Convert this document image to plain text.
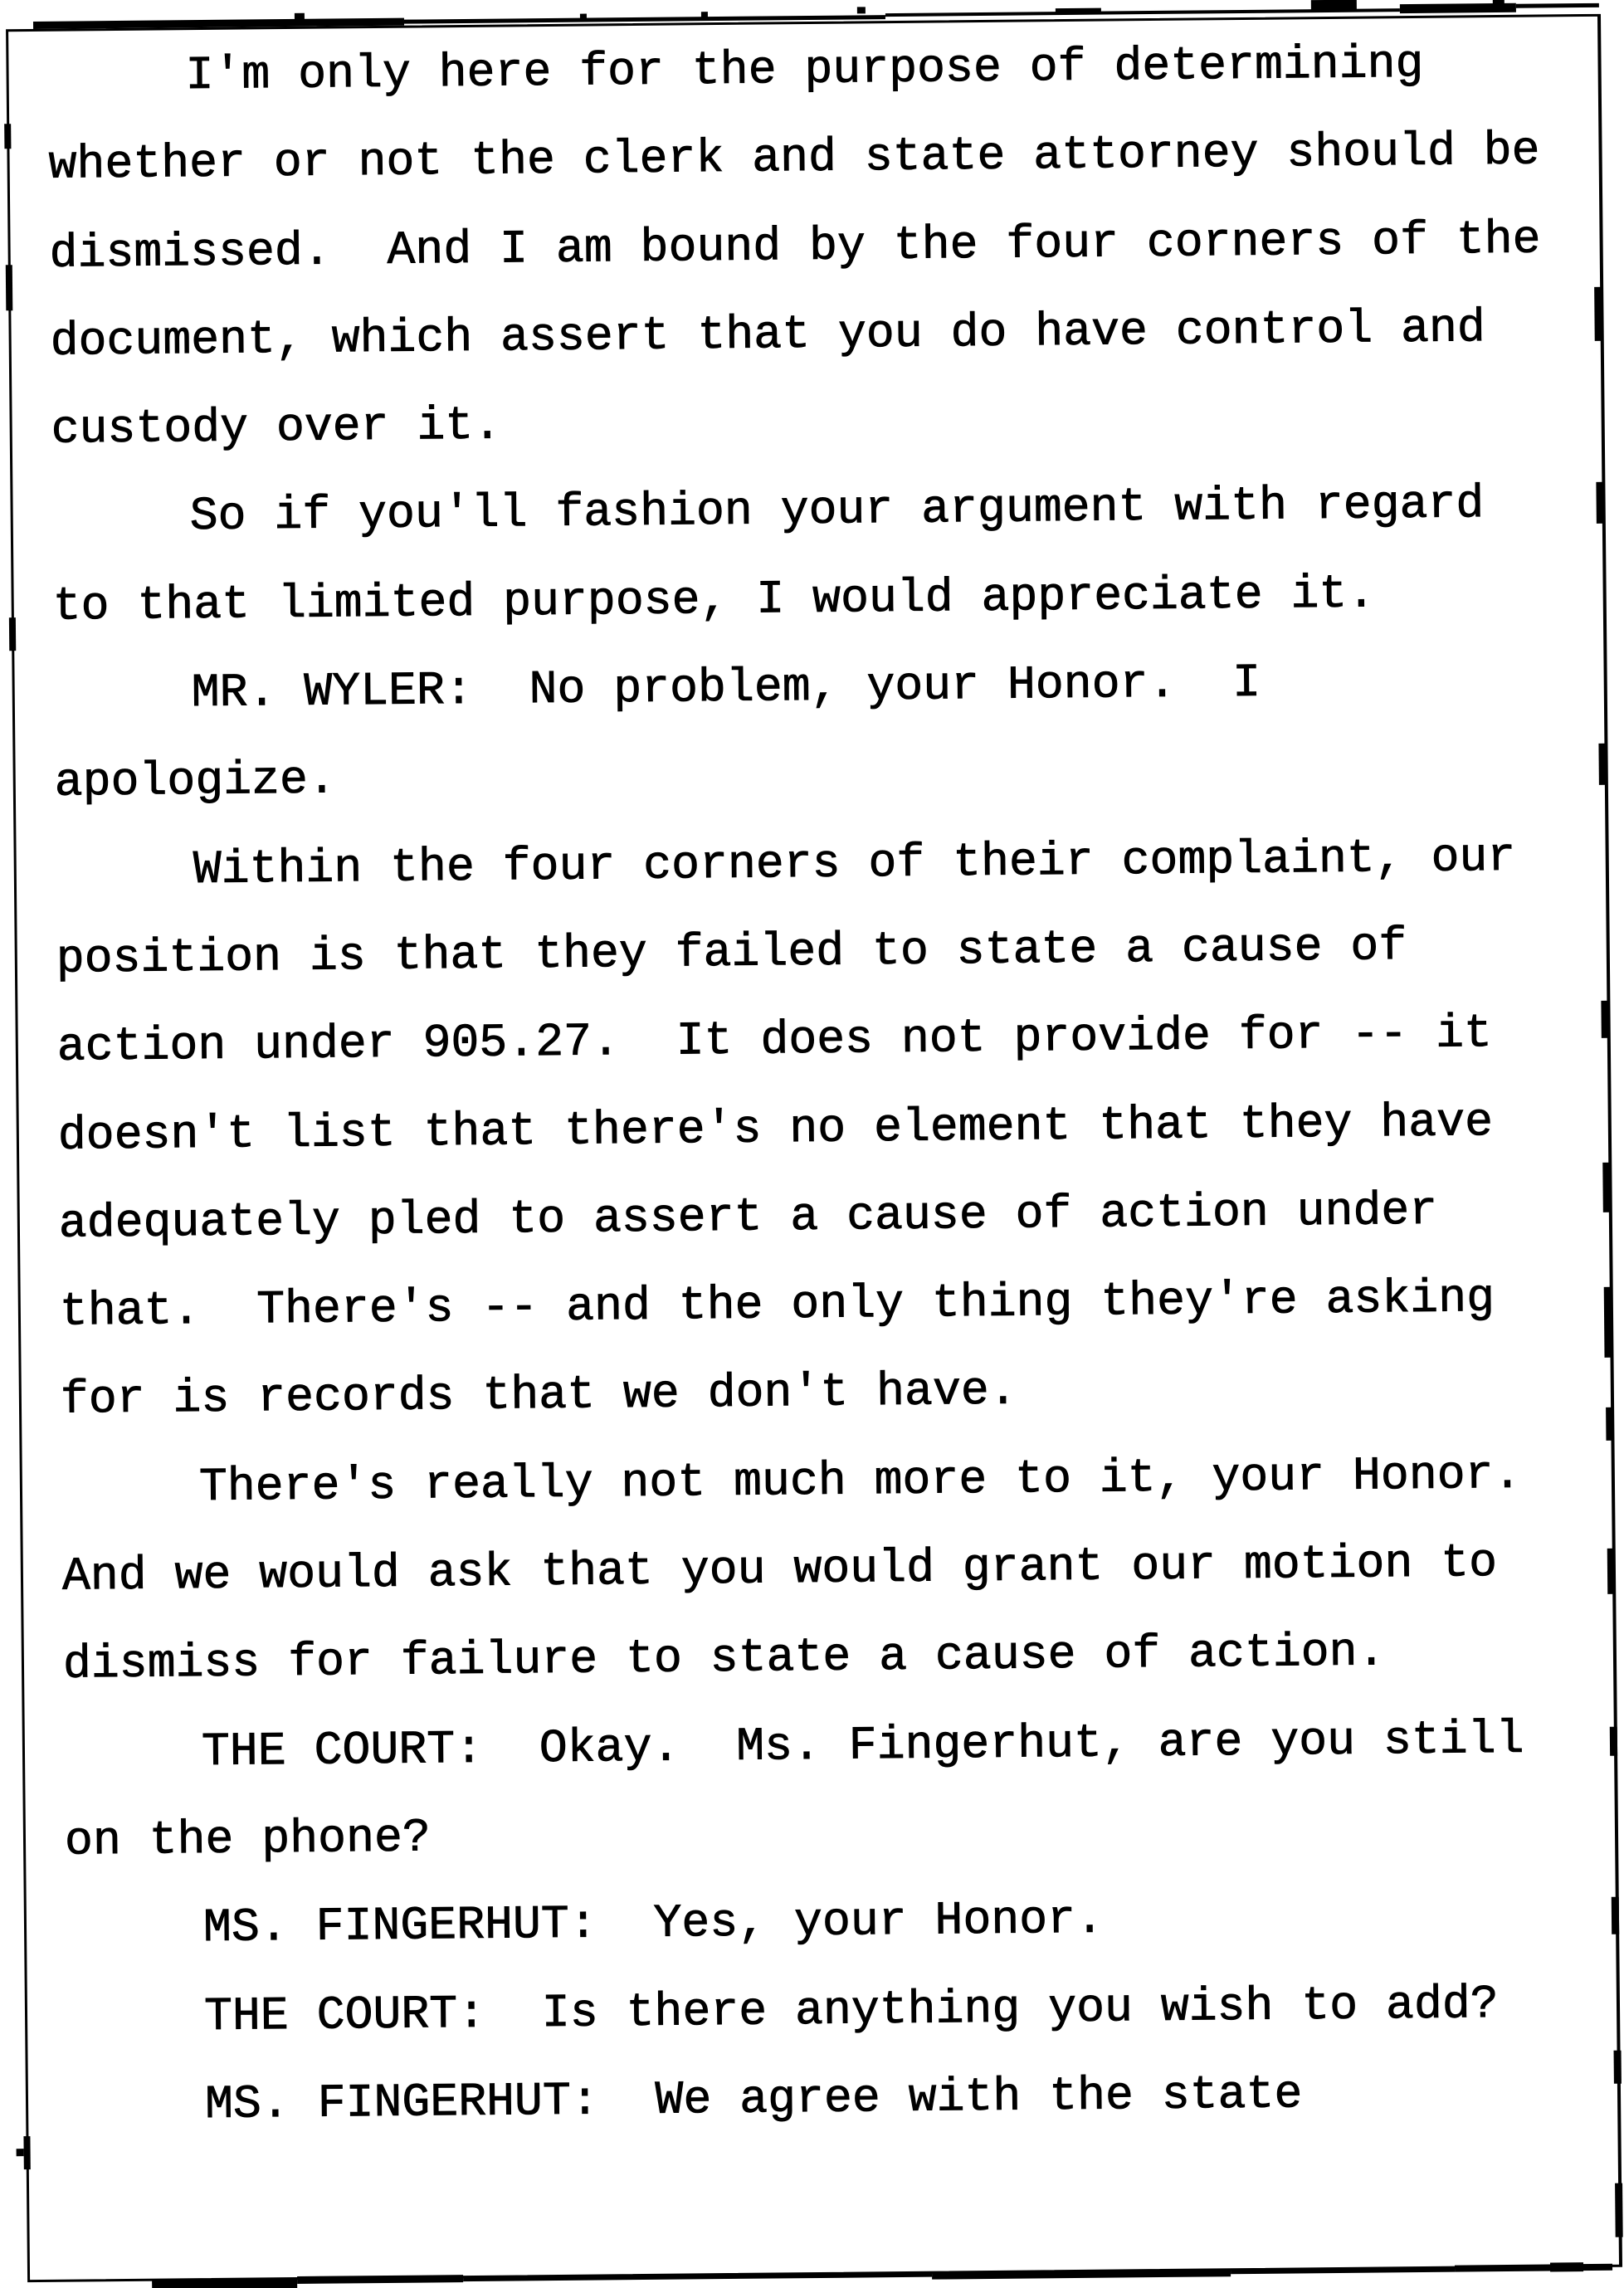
I'm only here for the purpose of determining
whether or not the clerk and state attorney should be
dismissed.  And I am bound by the four corners of the
document, which assert that you do have control and
custody over it.
So if you'll fashion your argument with regard
to that limited purpose, I would appreciate it.
MR. WYLER:  No problem, your Honor.  I
apologize.
Within the four corners of their complaint, our
position is that they failed to state a cause of
action under 905.27.  It does not provide for -- it
doesn't list that there's no element that they have
adequately pled to assert a cause of action under
that.  There's -- and the only thing they're asking
for is records that we don't have.
There's really not much more to it, your Honor.
And we would ask that you would grant our motion to
dismiss for failure to state a cause of action.
THE COURT:  Okay.  Ms. Fingerhut, are you still
on the phone?
MS. FINGERHUT:  Yes, your Honor.
THE COURT:  Is there anything you wish to add?
MS. FINGERHUT:  We agree with the state
